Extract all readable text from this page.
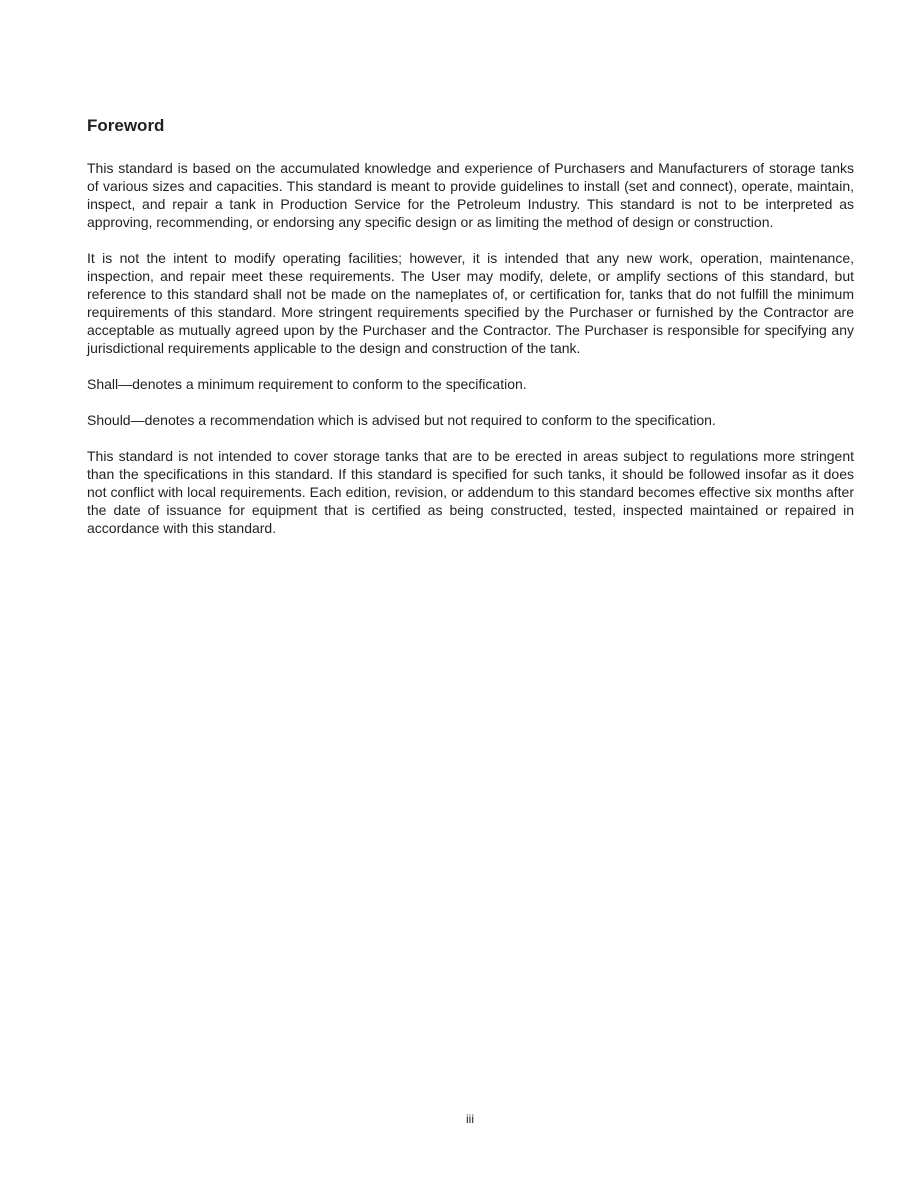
Foreword

This standard is based on the accumulated knowledge and experience of Purchasers and Manufacturers of storage tanks of various sizes and capacities. This standard is meant to provide guidelines to install (set and connect), operate, maintain, inspect, and repair a tank in Production Service for the Petroleum Industry. This standard is not to be interpreted as approving, recommending, or endorsing any specific design or as limiting the method of design or construction.

It is not the intent to modify operating facilities; however, it is intended that any new work, operation, maintenance, inspection, and repair meet these requirements. The User may modify, delete, or amplify sections of this standard, but reference to this standard shall not be made on the nameplates of, or certification for, tanks that do not fulfill the minimum requirements of this standard. More stringent requirements specified by the Purchaser or furnished by the Contractor are acceptable as mutually agreed upon by the Purchaser and the Contractor. The Purchaser is responsible for specifying any jurisdictional requirements applicable to the design and construction of the tank.

Shall—denotes a minimum requirement to conform to the specification.

Should—denotes a recommendation which is advised but not required to conform to the specification.

This standard is not intended to cover storage tanks that are to be erected in areas subject to regulations more stringent than the specifications in this standard. If this standard is specified for such tanks, it should be followed insofar as it does not conflict with local requirements. Each edition, revision, or addendum to this standard becomes effective six months after the date of issuance for equipment that is certified as being constructed, tested, inspected maintained or repaired in accordance with this standard.

iii
